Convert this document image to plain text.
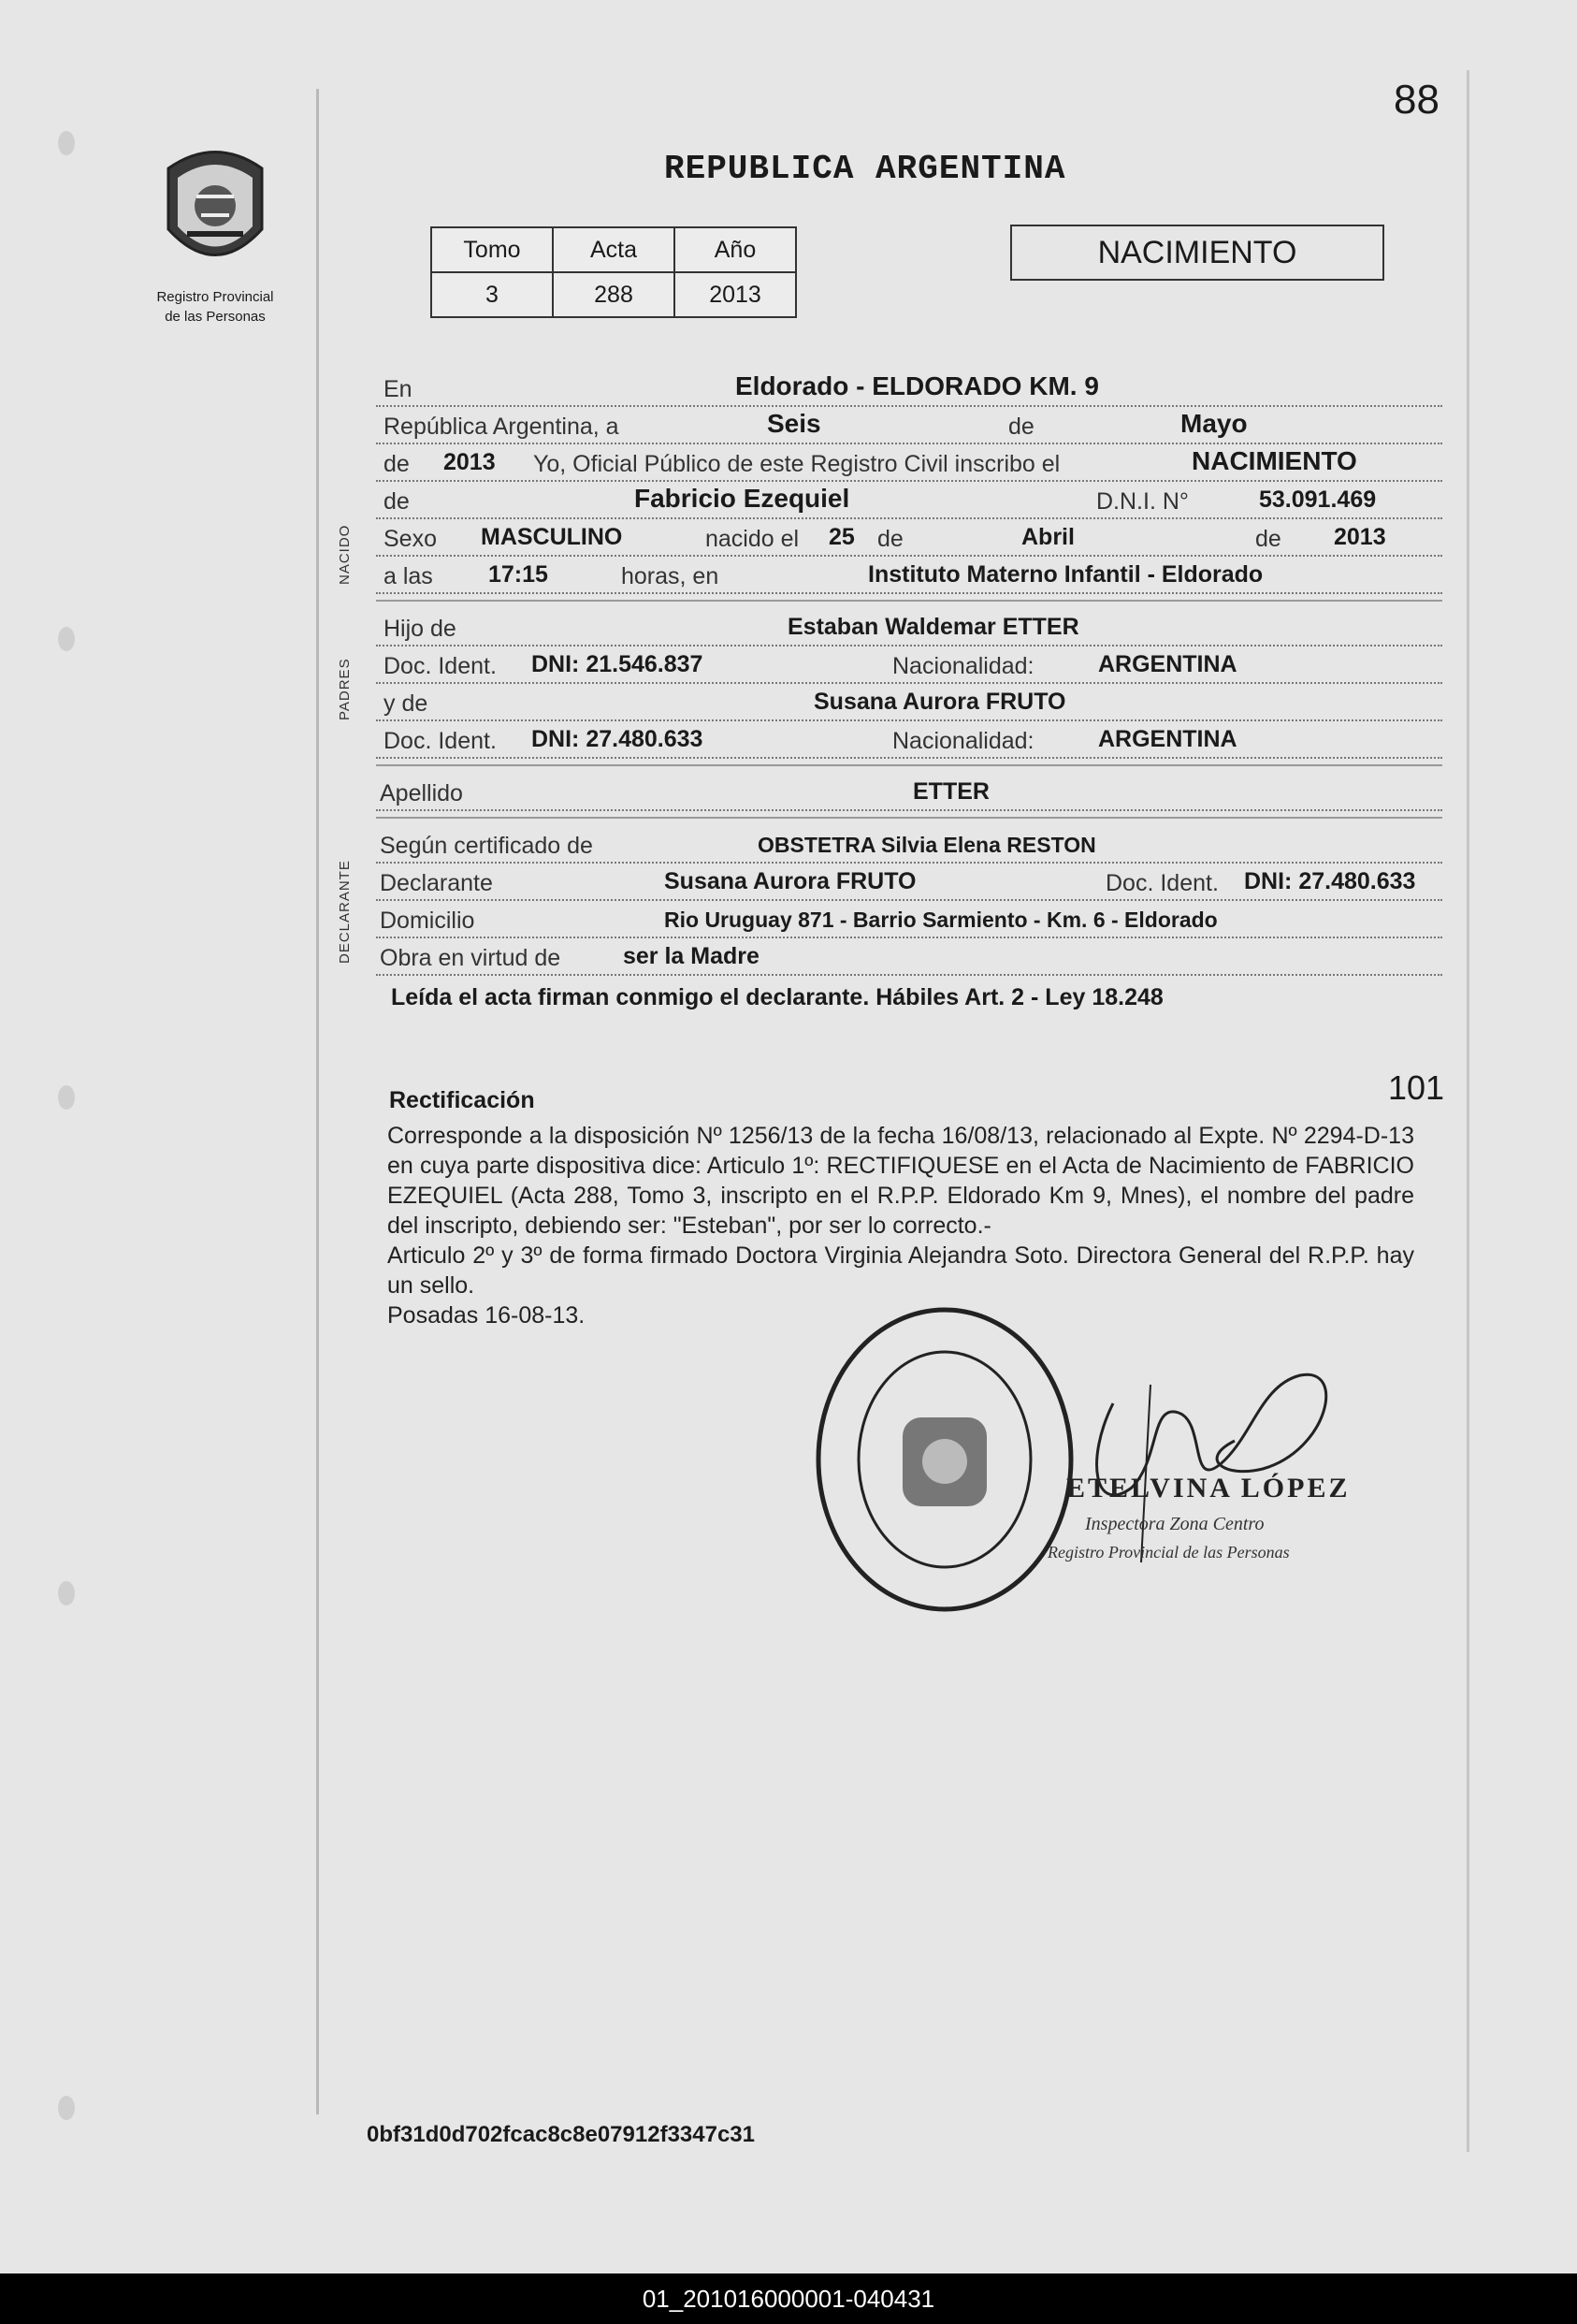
88
Registro Provincial
de las Personas
REPUBLICA ARGENTINA
Tomo	Acta	Año
3	288	2013
NACIMIENTO
NACIDO
PADRES
DECLARANTE
En	Eldorado - ELDORADO KM. 9
República Argentina, a	Seis	de	Mayo
de 2013 Yo, Oficial Público de este Registro Civil inscribo el	NACIMIENTO
de	Fabricio Ezequiel	D.N.I. N°	53.091.469
Sexo MASCULINO	nacido el 25 de	Abril	de 2013
a las 17:15	horas, en	Instituto Materno Infantil - Eldorado
Hijo de	Estaban Waldemar ETTER
Doc. Ident. DNI: 21.546.837	Nacionalidad:	ARGENTINA
y de	Susana Aurora FRUTO
Doc. Ident. DNI: 27.480.633	Nacionalidad:	ARGENTINA
Apellido	ETTER
Según certificado de	OBSTETRA Silvia Elena RESTON
Declarante	Susana Aurora FRUTO	Doc. Ident. DNI: 27.480.633
Domicilio	Rio Uruguay 871 - Barrio Sarmiento - Km. 6 - Eldorado
Obra en virtud de	ser la Madre
Leída el acta firman conmigo el declarante. Hábiles Art. 2 - Ley 18.248
101
Rectificación

Corresponde a la disposición Nº 1256/13 de la fecha 16/08/13, relacionado al Expte. Nº 2294-D-13 en cuya parte dispositiva dice: Articulo 1º: RECTIFIQUESE en el Acta de Nacimiento de FABRICIO EZEQUIEL (Acta 288, Tomo 3, inscripto en el R.P.P. Eldorado Km 9, Mnes), el nombre del padre del inscripto, debiendo ser: "Esteban", por ser lo correcto.-

Articulo 2º y 3º de forma firmado Doctora Virginia Alejandra Soto. Directora General del R.P.P. hay un sello.

Posadas 16-08-13.

ETELVINA LÓPEZ
Inspectora Zona Centro
Registro Provincial de las Personas
0bf31d0d702fcac8c8e07912f3347c31
01_201016000001-040431
